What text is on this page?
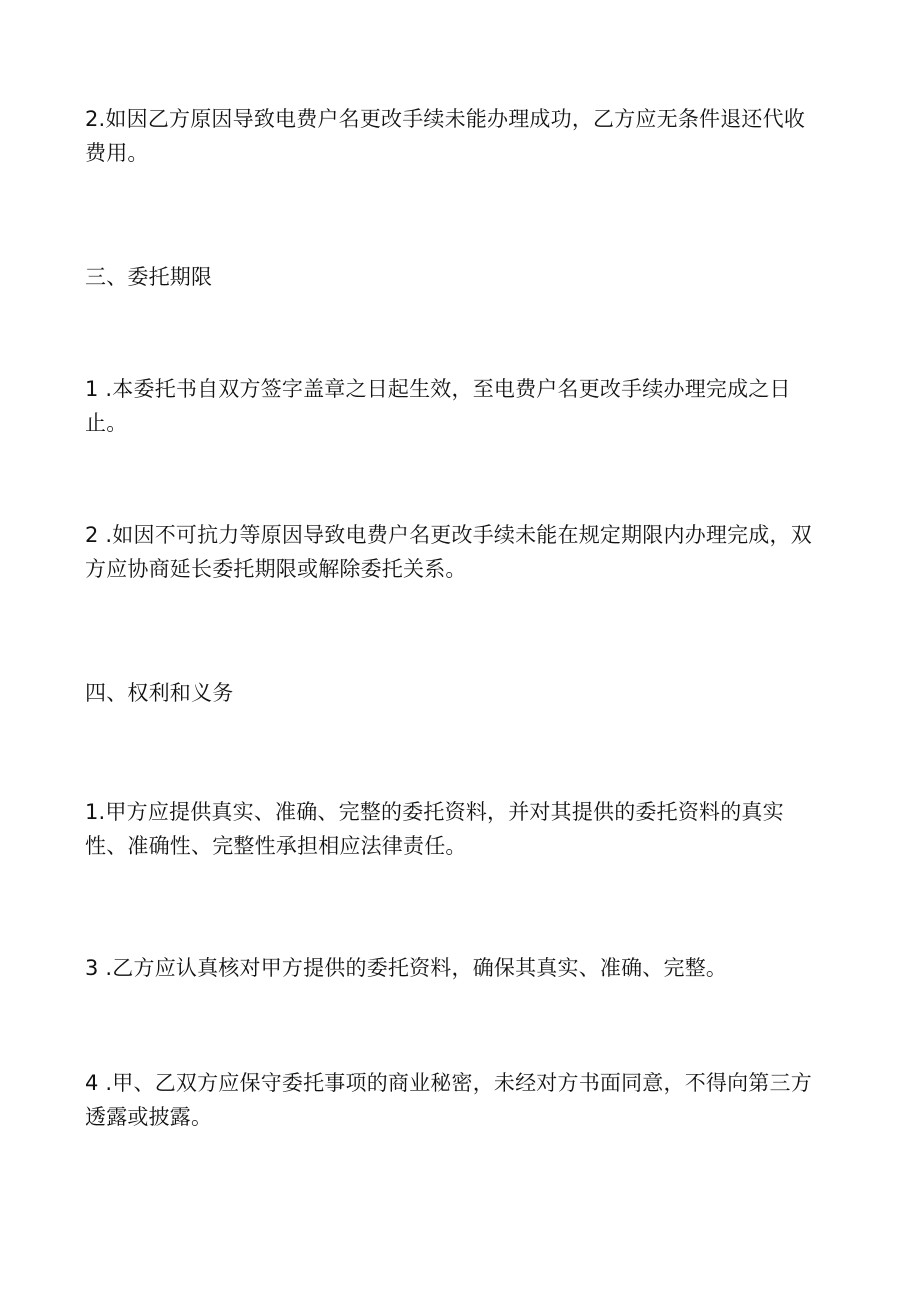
2.如因乙方原因导致电费户名更改手续未能办理成功，乙方应无条件退还代收费用。

三、委托期限

1 .本委托书自双方签字盖章之日起生效，至电费户名更改手续办理完成之日止。

2 .如因不可抗力等原因导致电费户名更改手续未能在规定期限内办理完成，双方应协商延长委托期限或解除委托关系。

四、权利和义务

1.甲方应提供真实、准确、完整的委托资料，并对其提供的委托资料的真实性、准确性、完整性承担相应法律责任。

3 .乙方应认真核对甲方提供的委托资料，确保其真实、准确、完整。

4 .甲、乙双方应保守委托事项的商业秘密，未经对方书面同意，不得向第三方透露或披露。
